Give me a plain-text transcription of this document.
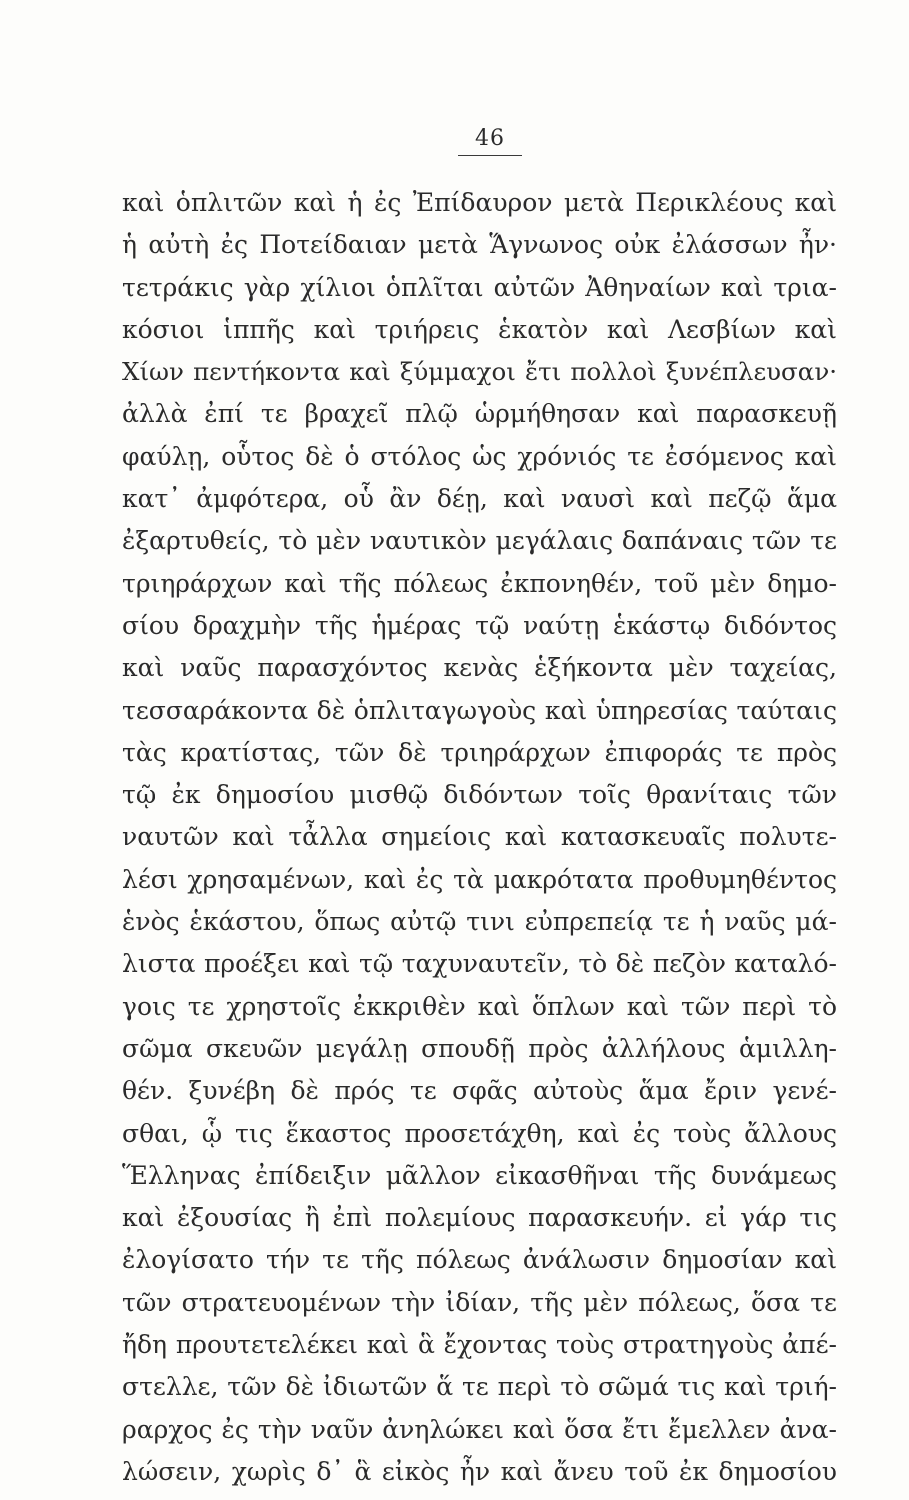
46
καὶ ὁπλιτῶν καὶ ἡ ἐς Ἐπίδαυρον μετὰ Περικλέους καὶ
ἡ αὐτὴ ἐς Ποτείδαιαν μετὰ Ἅγνωνος οὐκ ἐλάσσων ἦν·
τετράκις γὰρ χίλιοι ὁπλῖται αὐτῶν Ἀθηναίων καὶ τρια-
κόσιοι ἱππῆς καὶ τριήρεις ἑκατὸν καὶ Λεσβίων καὶ
Χίων πεντήκοντα καὶ ξύμμαχοι ἔτι πολλοὶ ξυνέπλευσαν·
ἀλλὰ ἐπί τε βραχεῖ πλῷ ὡρμήθησαν καὶ παρασκευῇ
φαύλῃ, οὗτος δὲ ὁ στόλος ὡς χρόνιός τε ἐσόμενος καὶ
κατ᾽ ἀμφότερα, οὗ ἂν δέῃ, καὶ ναυσὶ καὶ πεζῷ ἅμα
ἐξαρτυθείς, τὸ μὲν ναυτικὸν μεγάλαις δαπάναις τῶν τε
τριηράρχων καὶ τῆς πόλεως ἐκπονηθέν, τοῦ μὲν δημο-
σίου δραχμὴν τῆς ἡμέρας τῷ ναύτῃ ἑκάστῳ διδόντος
καὶ ναῦς παρασχόντος κενὰς ἑξήκοντα μὲν ταχείας,
τεσσαράκοντα δὲ ὁπλιταγωγοὺς καὶ ὑπηρεσίας ταύταις
τὰς κρατίστας, τῶν δὲ τριηράρχων ἐπιφοράς τε πρὸς
τῷ ἐκ δημοσίου μισθῷ διδόντων τοῖς θρανίταις τῶν
ναυτῶν καὶ τἆλλα σημείοις καὶ κατασκευαῖς πολυτε-
λέσι χρησαμένων, καὶ ἐς τὰ μακρότατα προθυμηθέντος
ἑνὸς ἑκάστου, ὅπως αὐτῷ τινι εὐπρεπείᾳ τε ἡ ναῦς μά-
λιστα προέξει καὶ τῷ ταχυναυτεῖν, τὸ δὲ πεζὸν καταλό-
γοις τε χρηστοῖς ἐκκριθὲν καὶ ὅπλων καὶ τῶν περὶ τὸ
σῶμα σκευῶν μεγάλῃ σπουδῇ πρὸς ἀλλήλους ἁμιλλη-
θέν. ξυνέβη δὲ πρός τε σφᾶς αὐτοὺς ἅμα ἔριν γενέ-
σθαι, ᾧ τις ἕκαστος προσετάχθη, καὶ ἐς τοὺς ἄλλους
Ἕλληνας ἐπίδειξιν μᾶλλον εἰκασθῆναι τῆς δυνάμεως
καὶ ἐξουσίας ἢ ἐπὶ πολεμίους παρασκευήν. εἰ γάρ τις
ἐλογίσατο τήν τε τῆς πόλεως ἀνάλωσιν δημοσίαν καὶ
τῶν στρατευομένων τὴν ἰδίαν, τῆς μὲν πόλεως, ὅσα τε
ἤδη προυτετελέκει καὶ ἃ ἔχοντας τοὺς στρατηγοὺς ἀπέ-
στελλε, τῶν δὲ ἰδιωτῶν ἅ τε περὶ τὸ σῶμά τις καὶ τριή-
ραρχος ἐς τὴν ναῦν ἀνηλώκει καὶ ὅσα ἔτι ἔμελλεν ἀνα-
λώσειν, χωρὶς δ᾽ ἃ εἰκὸς ἦν καὶ ἄνευ τοῦ ἐκ δημοσίου
